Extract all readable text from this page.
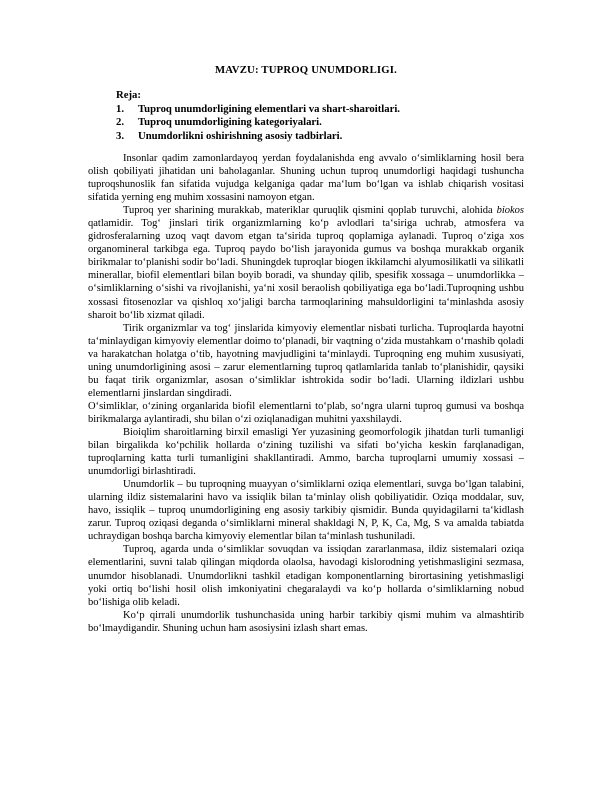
MAVZU: TUPROQ UNUMDORLIGI.
Reja:
1.	Tuproq unumdorligining elementlari va shart-sharoitlari.
2.	Tuproq unumdorligining kategoriyalari.
3.	Unumdorlikni oshirishning asosiy tadbirlari.

Insonlar qadim zamonlardayoq yerdan foydalanishda eng avvalo o‘simliklarning hosil bera olish qobiliyati jihatidan uni baholaganlar. Shuning uchun tuproq unumdorligi haqidagi tushuncha tuproqshunoslik fan sifatida vujudga kelganiga qadar ma‘lum bo‘lgan va ishlab chiqarish vositasi sifatida yerning eng muhim xossasini namoyon etgan.

Tuproq yer sharining murakkab, materiklar quruqlik qismini qoplab turuvchi, alohida biokos qatlamidir. Tog‘ jinslari tirik organizmlarning ko‘p avlodlari ta‘siriga uchrab, atmosfera va gidrosferalarning uzoq vaqt davom etgan ta‘sirida tuproq qoplamiga aylanadi. Tuproq o‘ziga xos organomineral tarkibga ega. Tuproq paydo bo‘lish jarayonida gumus va boshqa murakkab organik birikmalar to‘planishi sodir bo‘ladi. Shuningdek tuproqlar biogen ikkilamchi alyumosilikatli va silikatli minerallar, biofil elementlari bilan boyib boradi, va shunday qilib, spesifik xossaga – unumdorlikka – o‘simliklarning o‘sishi va rivojlanishi, ya‘ni xosil beraolish qobiliyatiga ega bo‘ladi.Tuproqning ushbu xossasi fitosenozlar va qishloq xo‘jaligi barcha tarmoqlarining mahsuldorligini ta‘minlashda asosiy sharoit bo‘lib xizmat qiladi.

Tirik organizmlar va tog‘ jinslarida kimyoviy elementlar nisbati turlicha. Tuproqlarda hayotni ta‘minlaydigan kimyoviy elementlar doimo to‘planadi, bir vaqtning o‘zida mustahkam o‘rnashib qoladi va harakatchan holatga o‘tib, hayotning mavjudligini ta‘minlaydi. Tuproqning eng muhim xususiyati, uning unumdorligining asosi – zarur elementlarning tuproq qatlamlarida tanlab to‘planishidir, qaysiki bu faqat tirik organizmlar, asosan o‘simliklar ishtrokida sodir bo‘ladi. Ularning ildizlari ushbu elementlarni jinslardan singdiradi.

O‘simliklar, o‘zining organlarida biofil elementlarni to‘plab, so‘ngra ularni tuproq gumusi va boshqa birikmalarga aylantiradi, shu bilan o‘zi oziqlanadigan muhitni yaxshilaydi.

Bioiqlim sharoitlarning birxil emasligi Yer yuzasining geomorfologik jihatdan turli tumanligi bilan birgalikda ko‘pchilik hollarda o‘zining tuzilishi va sifati bo‘yicha keskin farqlanadigan, tuproqlarning katta turli tumanligini shakllantiradi. Ammo, barcha tuproqlarni umumiy xossasi – unumdorligi birlashtiradi.

Unumdorlik – bu tuproqning muayyan o‘simliklarni oziqa elementlari, suvga bo‘lgan talabini, ularning ildiz sistemalarini havo va issiqlik bilan ta‘minlay olish qobiliyatidir. Oziqa moddalar, suv, havo, issiqlik – tuproq unumdorligining eng asosiy tarkibiy qismidir. Bunda quyidagilarni ta‘kidlash zarur. Tuproq oziqasi deganda o‘simliklarni mineral shakldagi N, P, K, Ca, Mg, S va amalda tabiatda uchraydigan boshqa barcha kimyoviy elementlar bilan ta‘minlash tushuniladi.

Tuproq, agarda unda o‘simliklar sovuqdan va issiqdan zararlanmasa, ildiz sistemalari oziqa elementlarini, suvni talab qilingan miqdorda olaolsa, havodagi kislorodning yetishmasligini sezmasa, unumdor hisoblanadi. Unumdorlikni tashkil etadigan komponentlarning birortasining yetishmasligi yoki ortiq bo‘lishi hosil olish imkoniyatini chegaralaydi va ko‘p hollarda o‘simliklarning nobud bo‘lishiga olib keladi.

Ko‘p qirrali unumdorlik tushunchasida uning harbir tarkibiy qismi muhim va almashtirib bo‘lmaydigandir. Shuning uchun ham asosiysini izlash shart emas.
